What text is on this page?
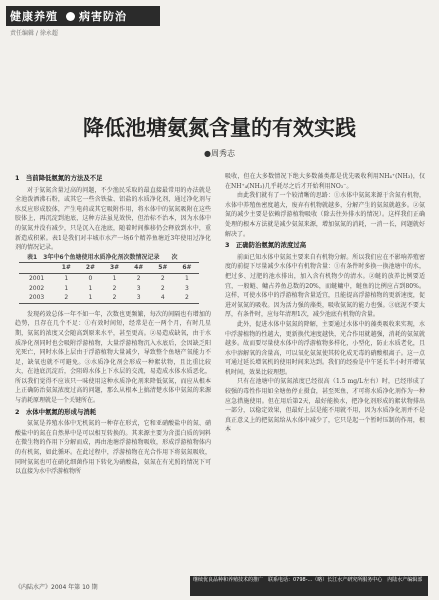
健康养殖 病害防治
责任编辑 / 徐永超
降低池塘氨氮含量的有效实践
●周秀志
1　当前降低氨氮的方法及不足

对于氨氮含量过高的问题，不少渔民采取的最直接最常用的办法就是全池泼洒沸石粉，或其它一些含铁盐、铝盐的水质净化剂，通过净化剂与水反应形成胶体，产生电荷或其它吸附作用，将水体中的氨氮吸附在这些胶体上，再沉淀到池底，这种方法虽见效快，但治标不治本，因为水体中的氨氮并没有减少，只是沉入在池底，随着时间推移仍会释放到水中，重新造成积累。表1是我们对丰城市水产一场6个精养鱼塘近3年使用过净化剂的情况记录。

表1　3年中6个鱼塘使用水质净化剂次数情况记录　　次

	1#	2#	3#	4#	5#	6#
2001	1	0	1	2	2	1
2002	1	1	2	3	2	3
2003	2	1	2	3	4	2

发现药效总体一年不如一年，次数也更频繁，每次的间隔也有增加的趋势，且存在几个不足：①有效时间短，经常是在一两个月，有时几星期，氨氮的浓度又会随高到原来水平，甚至更高。②易造成缺氧，由于水质净化剂同时也会吸附浮游植物，大量浮游植物沉入水底后，会因缺乏阳光死亡，同时水体上层由于浮游植物大量减少，导致整个鱼塘产氧能力不足，缺氧也就不可避免。③水质净化剂会形成一种絮状物，且比重比较大，在池底沉淀后，会阻碍水体上下水层的交流，易造成水体水质恶化，所以我们觉得不应该只一味使用这种水质净化剂来降低氨氮，而应从根本上正确防治氨氮浓度过高的问题，那么从根本上搞清楚水体中氨氮的来源与消耗原理就是一个关键所在。

2　水体中氨氮的形成与消耗

氨氮是养殖水体中无机氮的一种存在形式，它和亚硝酸盐中的氮、硝酸盐中的氮在自然界中是可以相互转换的。其来源主要为含蛋白质的饲料在微生物的作用下分解而成，再由池塘浮游植物吸收，形成浮游植物体内的有机氮，如此循环。在此过程中，浮游植物在光合作用下将氨氮吸收，同时氨氮也可在硝化细菌作用下转化为硝酸盐，氨氮在有光照的情况下可以直接为水中浮游植物所

吸收，但在大多数情况下绝大多数藻类都是优先吸收利用NH₄⁺(NH₃)，仅在NH⁺₄(NH₃)几乎耗尽之后才开始利用NO₃⁻。

由此我们就有了一个较清晰的思路：①水体中氨氮来源于含氮有机物，水体中养殖鱼密度越大，废弃有机物就越多，分解产生的氨氮就越多。②氨氮的减少主要是依赖浮游植物吸收（除去往外排水的情况）。这样我们正确处理的根本方法就是减少氨氮来源，增加氨氮的消耗，一消一长，问题就好解决了。

3　正确防治氨氮的浓度过高

前面已知水体中氨氮主要来自有机物分解。所以我们应在不影响养殖密度的前提下尽量减少水体中有机物含量：①有条件时多换一换池塘中的水，把过多、过肥的池水排出，加入含有机物少的清水。②鲢的放养比例要适宜，一般鲢、鳙占养鱼总数的20%，而鲢鳙中，鲢鱼的比例应占到80%。这样，可使水体中的浮游植物含量适宜，且能提高浮游植物的更新速度，促进对氨氮的吸收。因为活力强的藻类，吸收氨氮的能力也强。③底泥不要太厚，有条件时，应每年清理1次，减少池底有机物的含量。

此外，促进水体中氨氮的降解，主要通过水体中的藻类吸收来实现，水中浮游植物的性越大，更新换代速度越快，光合作用就越强，消耗的氨氮就越多。故而要尽量使水体中的浮游植物多样化，小型化，防止水质老化，且水中溶解氧的含量高，可以氧化氨氮使其转化成无毒的硝酸根离子。这一点可通过延长增氧机的使用时间来达到。我们的经验是中午延长半小时开增氧机时间，效果比较理想。

只有在池塘中的氨氮浓度已经很高（1.5 mg/L左右）时，已经形成了较强的毒性作用如全塘鱼停止摄食，甚至死鱼，才可将水质净化剂作为一种应急措施使用。但在用后第2天，最好能换水，把净化剂形成的絮状物排出一部分，以稳定效果，但最好上层是能不用就不用，因为水质净化剂并不是真正意义上的把氨氮给从水体中减少了，它只是起一个暂时压制的作用，根本

《内陆水产》2004 年第 10 期
继续优良品种和养殖技术的推广　联系电话：0798-...（略）长江水产研究所服务中心　内陆水产编辑部
